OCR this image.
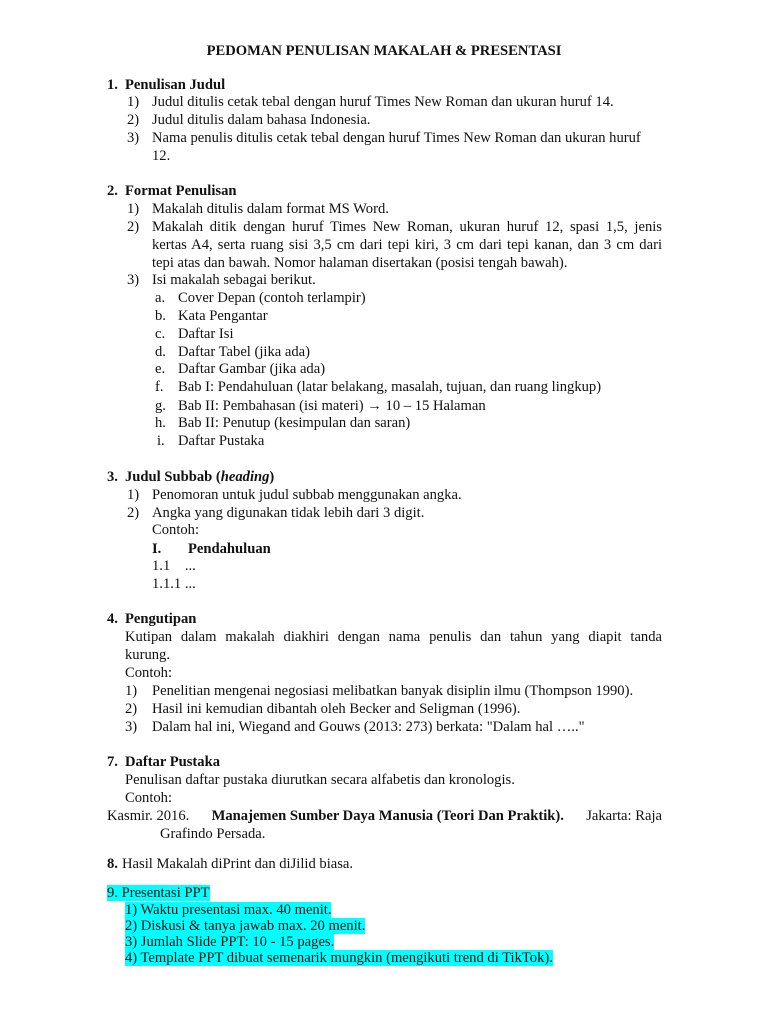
PEDOMAN PENULISAN MAKALAH & PRESENTASI
1. Penulisan Judul
1) Judul ditulis cetak tebal dengan huruf Times New Roman dan ukuran huruf 14.
2) Judul ditulis dalam bahasa Indonesia.
3) Nama penulis ditulis cetak tebal dengan huruf Times New Roman dan ukuran huruf
12.
2. Format Penulisan
1) Makalah ditulis dalam format MS Word.
2) Makalah ditik dengan huruf Times New Roman, ukuran huruf 12, spasi 1,5, jenis
kertas A4, serta ruang sisi 3,5 cm dari tepi kiri, 3 cm dari tepi kanan, dan 3 cm dari
tepi atas dan bawah. Nomor halaman disertakan (posisi tengah bawah).
3) Isi makalah sebagai berikut.
a. Cover Depan (contoh terlampir)
b. Kata Pengantar
c. Daftar Isi
d. Daftar Tabel (jika ada)
e. Daftar Gambar (jika ada)
f. Bab I: Pendahuluan (latar belakang, masalah, tujuan, dan ruang lingkup)
g. Bab II: Pembahasan (isi materi) → 10 – 15 Halaman
h. Bab II: Penutup (kesimpulan dan saran)
i. Daftar Pustaka
3. Judul Subbab (heading)
1) Penomoran untuk judul subbab menggunakan angka.
2) Angka yang digunakan tidak lebih dari 3 digit.
Contoh:
I. Pendahuluan
1.1    ...
1.1.1 ...
4. Pengutipan
Kutipan dalam makalah diakhiri dengan nama penulis dan tahun yang diapit tanda
kurung.
Contoh:
1) Penelitian mengenai negosiasi melibatkan banyak disiplin ilmu (Thompson 1990).
2) Hasil ini kemudian dibantah oleh Becker and Seligman (1996).
3) Dalam hal ini, Wiegand and Gouws (2013: 273) berkata: "Dalam hal ….."
7. Daftar Pustaka
Penulisan daftar pustaka diurutkan secara alfabetis dan kronologis.
Contoh:
Kasmir. 2016. Manajemen Sumber Daya Manusia (Teori Dan Praktik). Jakarta: Raja
Grafindo Persada.
8. Hasil Makalah diPrint dan diJilid biasa.
9. Presentasi PPT
1) Waktu presentasi max. 40 menit.
2) Diskusi & tanya jawab max. 20 menit.
3) Jumlah Slide PPT: 10 - 15 pages.
4) Template PPT dibuat semenarik mungkin (mengikuti trend di TikTok).
